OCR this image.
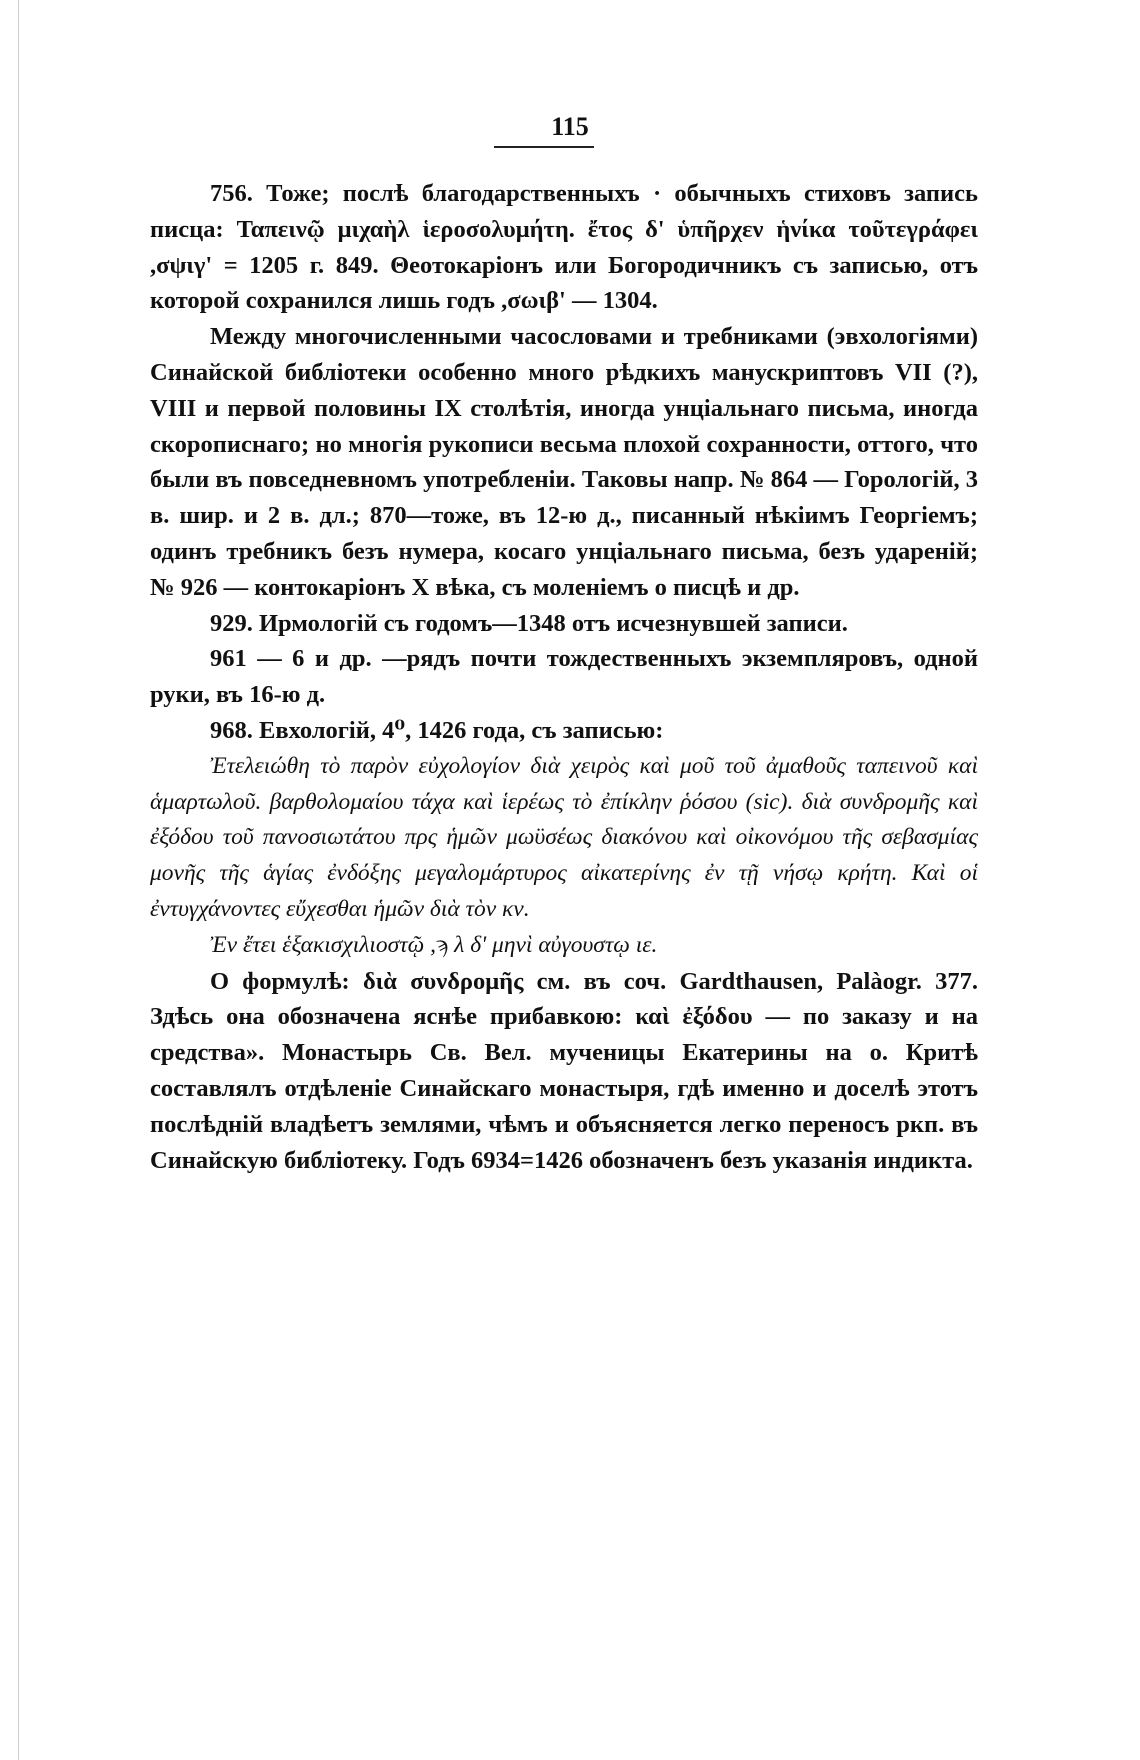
115

756. Тоже; послѣ благодарственныхъ · обычныхъ стиховъ запись писца: Ταπεινῷ μιχαὴλ ἱεροσολυμήτη. ἔτος δ' ὑπῆρχεν ἡνίκα τοῦτεγράφει ,σψιγ' = 1205 г. 849. Θеотокаріонъ или Богородичникъ съ записью, отъ которой сохранился лишь годъ ,σωιβ' — 1304.

Между многочисленными часословами и требниками (эвхологіями) Синайской библіотеки особенно много рѣдкихъ манускриптовъ VII (?), VIII и первой половины IX столѣтія, иногда унціальнаго письма, иногда скорописнаго; но многія рукописи весьма плохой сохранности, оттого, что были въ повседневномъ употребленіи. Таковы напр. № 864 — Горологій, 3 в. шир. и 2 в. дл.; 870—тоже, въ 12-ю д., писанный нѣкіимъ Георгіемъ; одинъ требникъ безъ нумера, косаго унціальнаго письма, безъ удареній; № 926 — контокаріонъ X вѣка, съ моленіемъ о писцѣ и др.

929. Ирмологій съ годомъ—1348 отъ исчезнувшей записи.

961 — 6 и др. —рядъ почти тождественныхъ экземпляровъ, одной руки, въ 16-ю д.

968. Евхологій, 4⁰, 1426 года, съ записью:

Ἐτελειώθη τὸ παρὸν εὐχολογίον διὰ χειρὸς καὶ μοῦ τοῦ ἀμαθοῦς ταπεινοῦ καὶ ἁμαρτωλοῦ. βαρθολομαίου τάχα καὶ ἱερέως τὸ ἐπίκλην ῥόσου (sic). διὰ συνδρομῆς καὶ ἐξόδου τοῦ πανοσιωτάτου πρς ἡμῶν μωϋσέως διακόνου καὶ οἰκονόμου τῆς σεβασμίας μονῆς τῆς ἁγίας ἐνδόξης μεγαλομάρτυρος αἰκατερίνης ἐν τῇ νήσῳ κρήτη. Καὶ οἱ ἐντυγχάνοντες εὔχεσθαι ἡμῶν διὰ τὸν κν.

Ἐν ἔτει ἑξακισχιλιοστῷ ,ϡ λ δ' μηνὶ αὐγουστῳ ιε.

О формулѣ: διὰ συνδρομῆς см. въ соч. Gardthausen, Palàogr. 377. Здѣсь она обозначена яснѣе прибавкою: καὶ ἐξόδου — по заказу и на средства». Монастырь Св. Вел. мученицы Екатерины на о. Критѣ составлялъ отдѣленіе Синайскаго монастыря, гдѣ именно и доселѣ этотъ послѣдній владѣетъ землями, чѣмъ и объясняется легко переносъ ркп. въ Синайскую библіотеку. Годъ 6934=1426 обозначенъ безъ указанія индикта.
